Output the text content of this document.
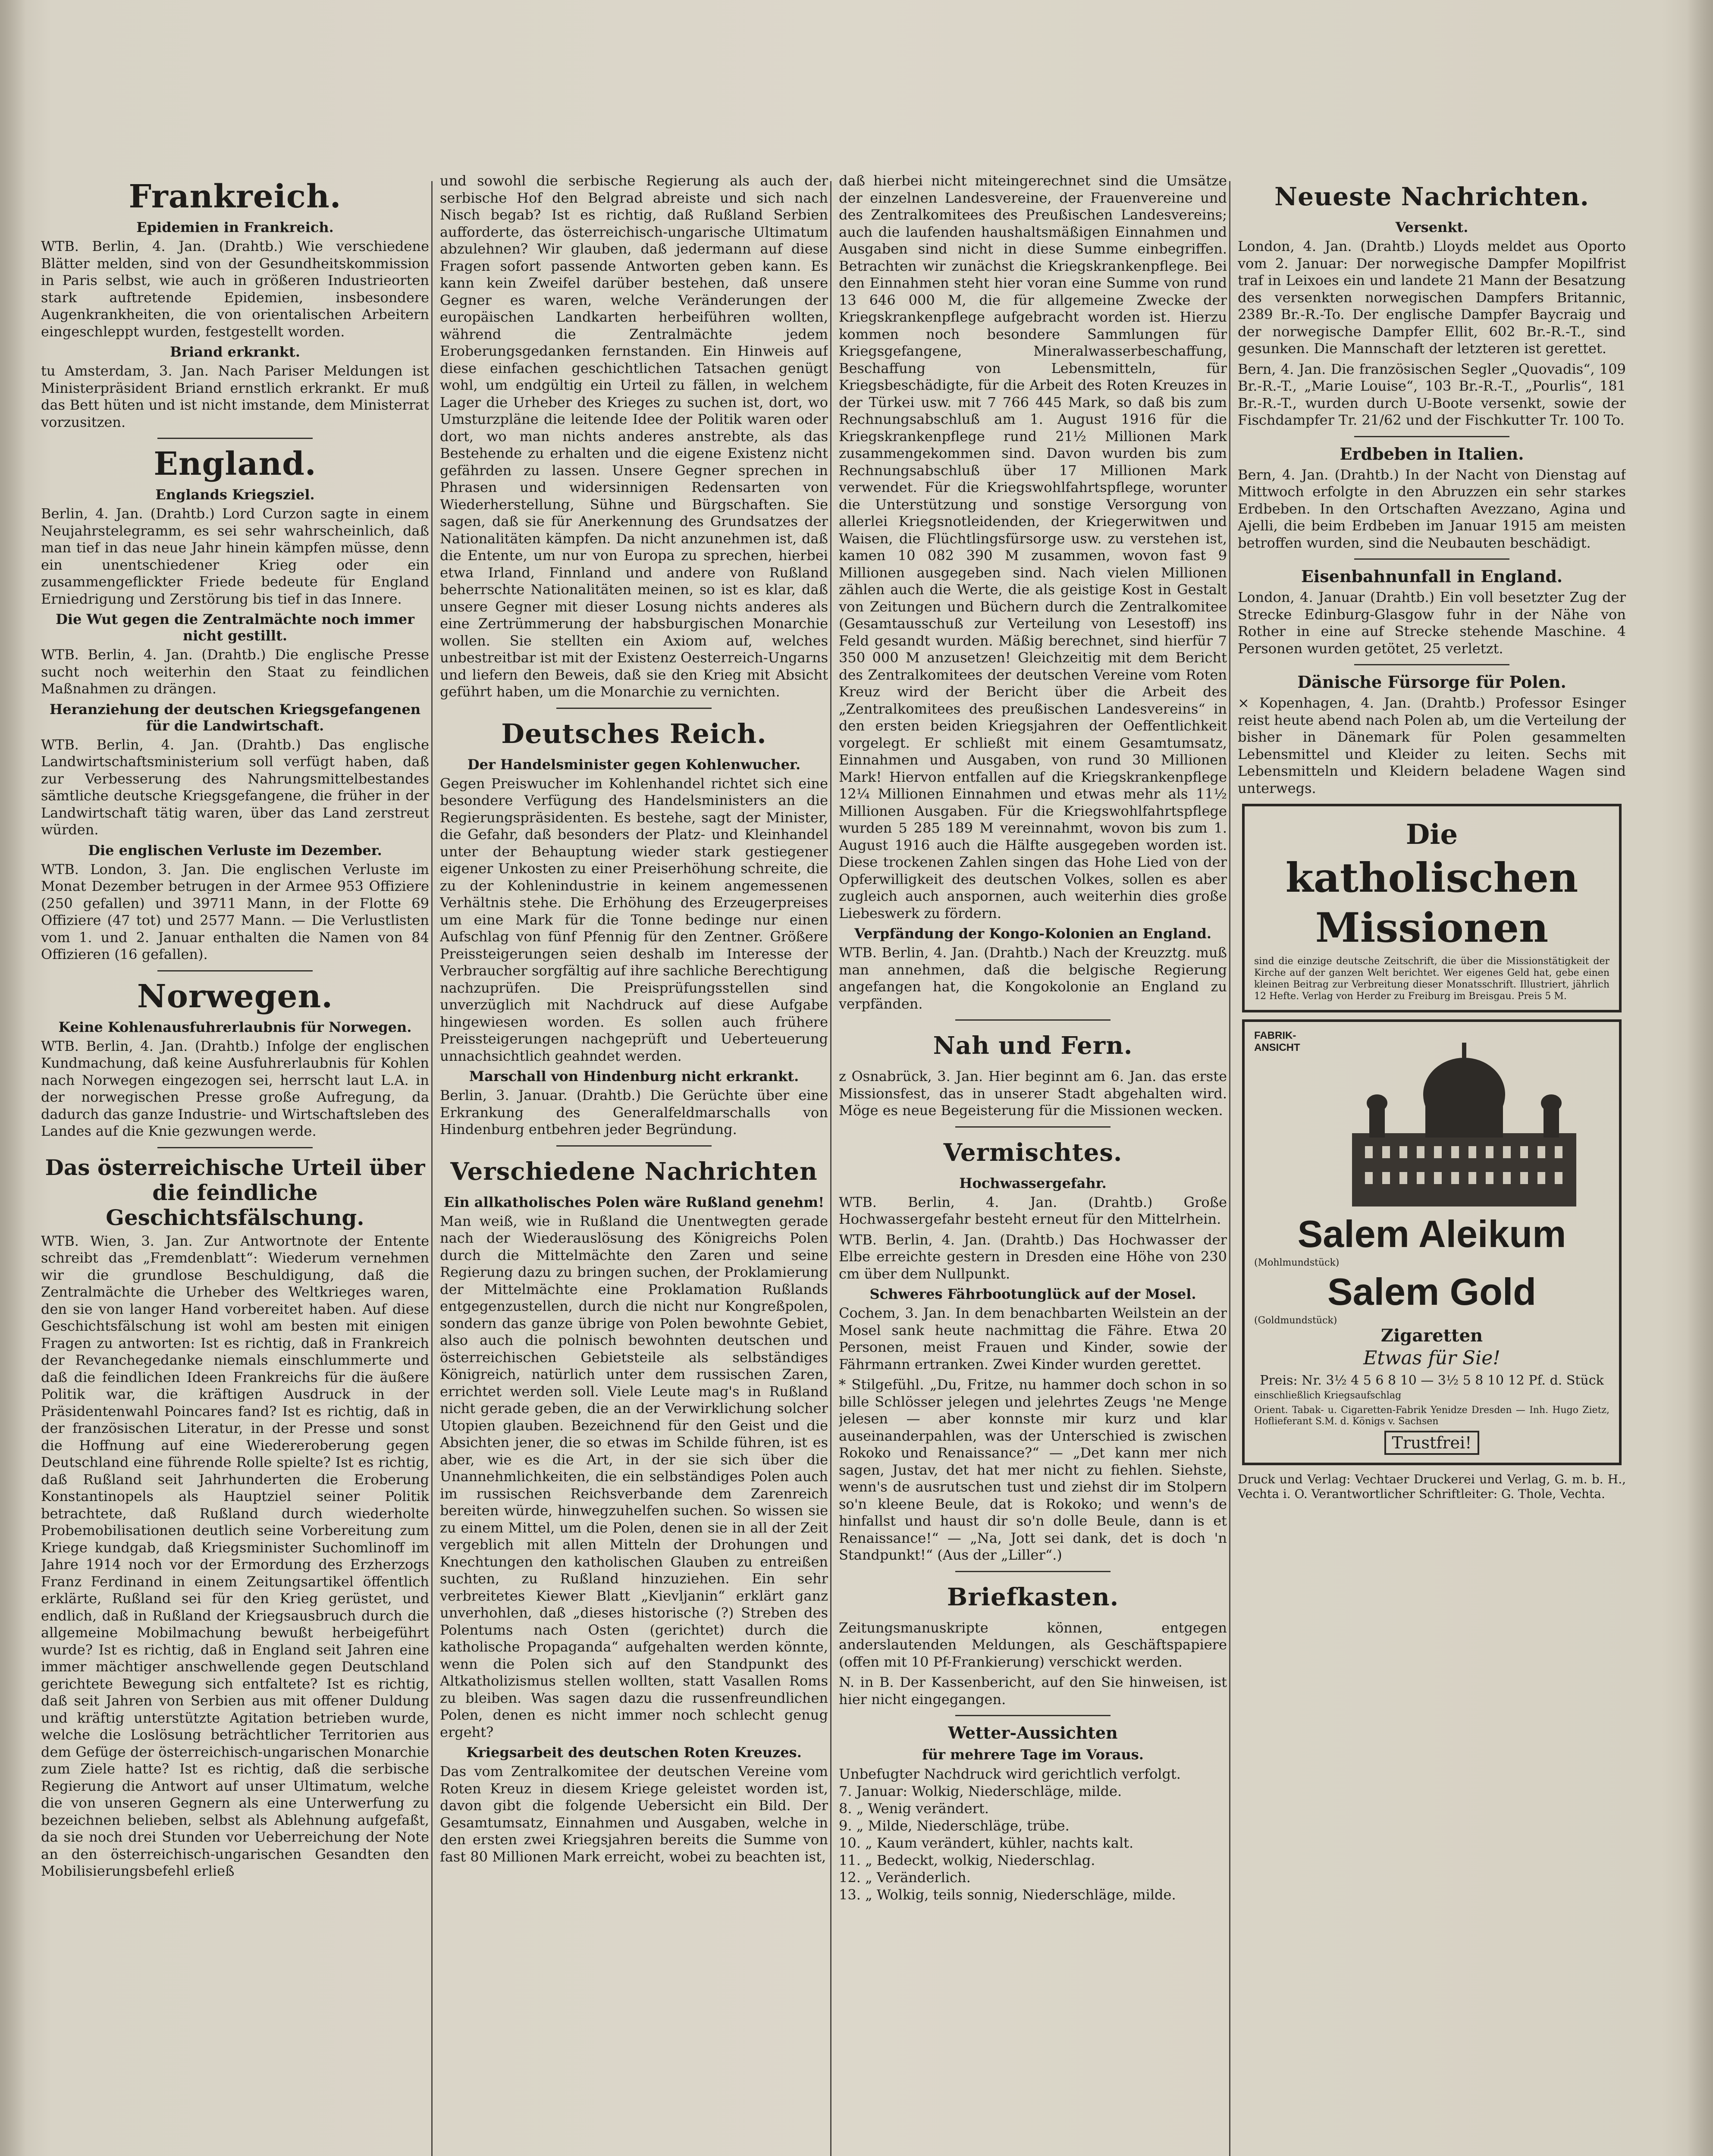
Frankreich.
Epidemien in Frankreich.

WTB. Berlin, 4. Jan. (Drahtb.) Wie verschiedene Blätter melden, sind von der Gesundheitskommission in Paris selbst, wie auch in größeren Industrieorten stark auftretende Epidemien, insbesondere Augenkrankheiten, die von orientalischen Arbeitern eingeschleppt wurden, festgestellt worden.

Briand erkrankt.

tu Amsterdam, 3. Jan. Nach Pariser Meldungen ist Ministerpräsident Briand ernstlich erkrankt. Er muß das Bett hüten und ist nicht imstande, dem Ministerrat vorzusitzen.

England.
Englands Kriegsziel.

Berlin, 4. Jan. (Drahtb.) Lord Curzon sagte in einem Neujahrstelegramm, es sei sehr wahrscheinlich, daß man tief in das neue Jahr hinein kämpfen müsse, denn ein unentschiedener Krieg oder ein zusammengeflickter Friede bedeute für England Erniedrigung und Zerstörung bis tief in das Innere.

Die Wut gegen die Zentralmächte noch immer nicht gestillt.

WTB. Berlin, 4. Jan. (Drahtb.) Die englische Presse sucht noch weiterhin den Staat zu feindlichen Maßnahmen zu drängen.

Heranziehung der deutschen Kriegsgefangenen für die Landwirtschaft.

WTB. Berlin, 4. Jan. (Drahtb.) Das englische Landwirtschaftsministerium soll verfügt haben, daß zur Verbesserung des Nahrungsmittelbestandes sämtliche deutsche Kriegsgefangene, die früher in der Landwirtschaft tätig waren, über das Land zerstreut würden.

Die englischen Verluste im Dezember.

WTB. London, 3. Jan. Die englischen Verluste im Monat Dezember betrugen in der Armee 953 Offiziere (250 gefallen) und 39711 Mann, in der Flotte 69 Offiziere (47 tot) und 2577 Mann. — Die Verlustlisten vom 1. und 2. Januar enthalten die Namen von 84 Offizieren (16 gefallen).

Norwegen.
Keine Kohlenausfuhrerlaubnis für Norwegen.

WTB. Berlin, 4. Jan. (Drahtb.) Infolge der englischen Kundmachung, daß keine Ausfuhrerlaubnis für Kohlen nach Norwegen eingezogen sei, herrscht laut L.A. in der norwegischen Presse große Aufregung, da dadurch das ganze Industrie- und Wirtschaftsleben des Landes auf die Knie gezwungen werde.

Das österreichische Urteil über die feindliche Geschichtsfälschung.

WTB. Wien, 3. Jan. Zur Antwortnote der Entente schreibt das „Fremdenblatt“: Wiederum vernehmen wir die grundlose Beschuldigung, daß die Zentralmächte die Urheber des Weltkrieges waren, den sie von langer Hand vorbereitet haben. Auf diese Geschichtsfälschung ist wohl am besten mit einigen Fragen zu antworten: Ist es richtig, daß in Frankreich der Revanchegedanke niemals einschlummerte und daß die feindlichen Ideen Frankreichs für die äußere Politik war, die kräftigen Ausdruck in der Präsidentenwahl Poincares fand? Ist es richtig, daß in der französischen Literatur, in der Presse und sonst die Hoffnung auf eine Wiedereroberung gegen Deutschland eine führende Rolle spielte? Ist es richtig, daß Rußland seit Jahrhunderten die Eroberung Konstantinopels als Hauptziel seiner Politik betrachtete, daß Rußland durch wiederholte Probemobilisationen deutlich seine Vorbereitung zum Kriege kundgab, daß Kriegsminister Suchomlinoff im Jahre 1914 noch vor der Ermordung des Erzherzogs Franz Ferdinand in einem Zeitungsartikel öffentlich erklärte, Rußland sei für den Krieg gerüstet, und endlich, daß in Rußland der Kriegsausbruch durch die allgemeine Mobilmachung bewußt herbeigeführt wurde? Ist es richtig, daß in England seit Jahren eine immer mächtiger anschwellende gegen Deutschland gerichtete Bewegung sich entfaltete? Ist es richtig, daß seit Jahren von Serbien aus mit offener Duldung und kräftig unterstützte Agitation betrieben wurde, welche die Loslösung beträchtlicher Territorien aus dem Gefüge der österreichisch-ungarischen Monarchie zum Ziele hatte? Ist es richtig, daß die serbische Regierung die Antwort auf unser Ultimatum, welche die von unseren Gegnern als eine Unterwerfung zu bezeichnen belieben, selbst als Ablehnung aufgefaßt, da sie noch drei Stunden vor Ueberreichung der Note an den österreichisch-ungarischen Gesandten den Mobilisierungsbefehl erließ

und sowohl die serbische Regierung als auch der serbische Hof den Belgrad abreiste und sich nach Nisch begab? Ist es richtig, daß Rußland Serbien aufforderte, das österreichisch-ungarische Ultimatum abzulehnen? Wir glauben, daß jedermann auf diese Fragen sofort passende Antworten geben kann. Es kann kein Zweifel darüber bestehen, daß unsere Gegner es waren, welche Veränderungen der europäischen Landkarten herbeiführen wollten, während die Zentralmächte jedem Eroberungsgedanken fernstanden. Ein Hinweis auf diese einfachen geschichtlichen Tatsachen genügt wohl, um endgültig ein Urteil zu fällen, in welchem Lager die Urheber des Krieges zu suchen ist, dort, wo Umsturzpläne die leitende Idee der Politik waren oder dort, wo man nichts anderes anstrebte, als das Bestehende zu erhalten und die eigene Existenz nicht gefährden zu lassen. Unsere Gegner sprechen in Phrasen und widersinnigen Redensarten von Wiederherstellung, Sühne und Bürgschaften. Sie sagen, daß sie für Anerkennung des Grundsatzes der Nationalitäten kämpfen. Da nicht anzunehmen ist, daß die Entente, um nur von Europa zu sprechen, hierbei etwa Irland, Finnland und andere von Rußland beherrschte Nationalitäten meinen, so ist es klar, daß unsere Gegner mit dieser Losung nichts anderes als eine Zertrümmerung der habsburgischen Monarchie wollen. Sie stellten ein Axiom auf, welches unbestreitbar ist mit der Existenz Oesterreich-Ungarns und liefern den Beweis, daß sie den Krieg mit Absicht geführt haben, um die Monarchie zu vernichten.

Deutsches Reich.
Der Handelsminister gegen Kohlenwucher.

Gegen Preiswucher im Kohlenhandel richtet sich eine besondere Verfügung des Handelsministers an die Regierungspräsidenten. Es bestehe, sagt der Minister, die Gefahr, daß besonders der Platz- und Kleinhandel unter der Behauptung wieder stark gestiegener eigener Unkosten zu einer Preiserhöhung schreite, die zu der Kohlenindustrie in keinem angemessenen Verhältnis stehe. Die Erhöhung des Erzeugerpreises um eine Mark für die Tonne bedinge nur einen Aufschlag von fünf Pfennig für den Zentner. Größere Preissteigerungen seien deshalb im Interesse der Verbraucher sorgfältig auf ihre sachliche Berechtigung nachzuprüfen. Die Preisprüfungsstellen sind unverzüglich mit Nachdruck auf diese Aufgabe hingewiesen worden. Es sollen auch frühere Preissteigerungen nachgeprüft und Ueberteuerung unnachsichtlich geahndet werden.

Marschall von Hindenburg nicht erkrankt.

Berlin, 3. Januar. (Drahtb.) Die Gerüchte über eine Erkrankung des Generalfeldmarschalls von Hindenburg entbehren jeder Begründung.

Verschiedene Nachrichten
Ein allkatholisches Polen wäre Rußland genehm!

Man weiß, wie in Rußland die Unentwegten gerade nach der Wiederauslösung des Königreichs Polen durch die Mittelmächte den Zaren und seine Regierung dazu zu bringen suchen, der Proklamierung der Mittelmächte eine Proklamation Rußlands entgegenzustellen, durch die nicht nur Kongreßpolen, sondern das ganze übrige von Polen bewohnte Gebiet, also auch die polnisch bewohnten deutschen und österreichischen Gebietsteile als selbständiges Königreich, natürlich unter dem russischen Zaren, errichtet werden soll. Viele Leute mag's in Rußland nicht gerade geben, die an der Verwirklichung solcher Utopien glauben. Bezeichnend für den Geist und die Absichten jener, die so etwas im Schilde führen, ist es aber, wie es die Art, in der sie sich über die Unannehmlichkeiten, die ein selbständiges Polen auch im russischen Reichsverbande dem Zarenreich bereiten würde, hinwegzuhelfen suchen. So wissen sie zu einem Mittel, um die Polen, denen sie in all der Zeit vergeblich mit allen Mitteln der Drohungen und Knechtungen den katholischen Glauben zu entreißen suchten, zu Rußland hinzuziehen. Ein sehr verbreitetes Kiewer Blatt „Kievljanin“ erklärt ganz unverhohlen, daß „dieses historische (?) Streben des Polentums nach Osten (gerichtet) durch die katholische Propaganda“ aufgehalten werden könnte, wenn die Polen sich auf den Standpunkt des Altkatholizismus stellen wollten, statt Vasallen Roms zu bleiben. Was sagen dazu die russenfreundlichen Polen, denen es nicht immer noch schlecht genug ergeht?

Kriegsarbeit des deutschen Roten Kreuzes.

Das vom Zentralkomitee der deutschen Vereine vom Roten Kreuz in diesem Kriege geleistet worden ist, davon gibt die folgende Uebersicht ein Bild. Der Gesamtumsatz, Einnahmen und Ausgaben, welche in den ersten zwei Kriegsjahren bereits die Summe von fast 80 Millionen Mark erreicht, wobei zu beachten ist,

daß hierbei nicht miteingerechnet sind die Umsätze der einzelnen Landesvereine, der Frauenvereine und des Zentralkomitees des Preußischen Landesvereins; auch die laufenden haushaltsmäßigen Einnahmen und Ausgaben sind nicht in diese Summe einbegriffen. Betrachten wir zunächst die Kriegskrankenpflege. Bei den Einnahmen steht hier voran eine Summe von rund 13 646 000 M, die für allgemeine Zwecke der Kriegskrankenpflege aufgebracht worden ist. Hierzu kommen noch besondere Sammlungen für Kriegsgefangene, Mineralwasserbeschaffung, Beschaffung von Lebensmitteln, für Kriegsbeschädigte, für die Arbeit des Roten Kreuzes in der Türkei usw. mit 7 766 445 Mark, so daß bis zum Rechnungsabschluß am 1. August 1916 für die Kriegskrankenpflege rund 21½ Millionen Mark zusammengekommen sind. Davon wurden bis zum Rechnungsabschluß über 17 Millionen Mark verwendet. Für die Kriegswohlfahrtspflege, worunter die Unterstützung und sonstige Versorgung von allerlei Kriegsnotleidenden, der Kriegerwitwen und Waisen, die Flüchtlingsfürsorge usw. zu verstehen ist, kamen 10 082 390 M zusammen, wovon fast 9 Millionen ausgegeben sind. Nach vielen Millionen zählen auch die Werte, die als geistige Kost in Gestalt von Zeitungen und Büchern durch die Zentralkomitee (Gesamtausschuß zur Verteilung von Lesestoff) ins Feld gesandt wurden. Mäßig berechnet, sind hierfür 7 350 000 M anzusetzen! Gleichzeitig mit dem Bericht des Zentralkomitees der deutschen Vereine vom Roten Kreuz wird der Bericht über die Arbeit des „Zentralkomitees des preußischen Landesvereins“ in den ersten beiden Kriegsjahren der Oeffentlichkeit vorgelegt. Er schließt mit einem Gesamtumsatz, Einnahmen und Ausgaben, von rund 30 Millionen Mark! Hiervon entfallen auf die Kriegskrankenpflege 12¼ Millionen Einnahmen und etwas mehr als 11½ Millionen Ausgaben. Für die Kriegswohlfahrtspflege wurden 5 285 189 M vereinnahmt, wovon bis zum 1. August 1916 auch die Hälfte ausgegeben worden ist. Diese trockenen Zahlen singen das Hohe Lied von der Opferwilligkeit des deutschen Volkes, sollen es aber zugleich auch anspornen, auch weiterhin dies große Liebeswerk zu fördern.

Verpfändung der Kongo-Kolonien an England.

WTB. Berlin, 4. Jan. (Drahtb.) Nach der Kreuzztg. muß man annehmen, daß die belgische Regierung angefangen hat, die Kongokolonie an England zu verpfänden.

Nah und Fern.

z Osnabrück, 3. Jan. Hier beginnt am 6. Jan. das erste Missionsfest, das in unserer Stadt abgehalten wird. Möge es neue Begeisterung für die Missionen wecken.

Vermischtes.
Hochwassergefahr.

WTB. Berlin, 4. Jan. (Drahtb.) Große Hochwassergefahr besteht erneut für den Mittelrhein.

WTB. Berlin, 4. Jan. (Drahtb.) Das Hochwasser der Elbe erreichte gestern in Dresden eine Höhe von 230 cm über dem Nullpunkt.

Schweres Fährbootunglück auf der Mosel.

Cochem, 3. Jan. In dem benachbarten Weilstein an der Mosel sank heute nachmittag die Fähre. Etwa 20 Personen, meist Frauen und Kinder, sowie der Fährmann ertranken. Zwei Kinder wurden gerettet.

* Stilgefühl. „Du, Fritze, nu hammer doch schon in so bille Schlösser jelegen und jelehrtes Zeugs 'ne Menge jelesen — aber konnste mir kurz und klar auseinanderpahlen, was der Unterschied is zwischen Rokoko und Renaissance?“ — „Det kann mer nich sagen, Justav, det hat mer nicht zu fiehlen. Siehste, wenn's de ausrutschen tust und ziehst dir im Stolpern so'n kleene Beule, dat is Rokoko; und wenn's de hinfallst und haust dir so'n dolle Beule, dann is et Renaissance!“ — „Na, Jott sei dank, det is doch 'n Standpunkt!“ (Aus der „Liller“.)

Briefkasten.

Zeitungsmanuskripte können, entgegen anderslautenden Meldungen, als Geschäftspapiere (offen mit 10 Pf-Frankierung) verschickt werden.

N. in B. Der Kassenbericht, auf den Sie hinweisen, ist hier nicht eingegangen.

Wetter-Aussichten
für mehrere Tage im Voraus.

Unbefugter Nachdruck wird gerichtlich verfolgt.

7. Januar: Wolkig, Niederschläge, milde.

8. „ Wenig verändert.

9. „ Milde, Niederschläge, trübe.

10. „ Kaum verändert, kühler, nachts kalt.

11. „ Bedeckt, wolkig, Niederschlag.

12. „ Veränderlich.

13. „ Wolkig, teils sonnig, Niederschläge, milde.

Neueste Nachrichten.
Versenkt.

London, 4. Jan. (Drahtb.) Lloyds meldet aus Oporto vom 2. Januar: Der norwegische Dampfer Mopilfrist traf in Leixoes ein und landete 21 Mann der Besatzung des versenkten norwegischen Dampfers Britannic, 2389 Br.-R.-To. Der englische Dampfer Baycraig und der norwegische Dampfer Ellit, 602 Br.-R.-T., sind gesunken. Die Mannschaft der letzteren ist gerettet.

Bern, 4. Jan. Die französischen Segler „Quovadis“, 109 Br.-R.-T., „Marie Louise“, 103 Br.-R.-T., „Pourlis“, 181 Br.-R.-T., wurden durch U-Boote versenkt, sowie der Fischdampfer Tr. 21/62 und der Fischkutter Tr. 100 To.

Erdbeben in Italien.

Bern, 4. Jan. (Drahtb.) In der Nacht von Dienstag auf Mittwoch erfolgte in den Abruzzen ein sehr starkes Erdbeben. In den Ortschaften Avezzano, Agina und Ajelli, die beim Erdbeben im Januar 1915 am meisten betroffen wurden, sind die Neubauten beschädigt.

Eisenbahnunfall in England.

London, 4. Januar (Drahtb.) Ein voll besetzter Zug der Strecke Edinburg-Glasgow fuhr in der Nähe von Rother in eine auf Strecke stehende Maschine. 4 Personen wurden getötet, 25 verletzt.

Dänische Fürsorge für Polen.

× Kopenhagen, 4. Jan. (Drahtb.) Professor Esinger reist heute abend nach Polen ab, um die Verteilung der bisher in Dänemark für Polen gesammelten Lebensmittel und Kleider zu leiten. Sechs mit Lebensmitteln und Kleidern beladene Wagen sind unterwegs.

Die
katholischen
Missionen

sind die einzige deutsche Zeitschrift, die über die Missionstätigkeit der Kirche auf der ganzen Welt berichtet. Wer eigenes Geld hat, gebe einen kleinen Beitrag zur Verbreitung dieser Monatsschrift. Illustriert, jährlich 12 Hefte. Verlag von Herder zu Freiburg im Breisgau. Preis 5 M.

FABRIK-ANSICHT
Salem Aleikum

(Mohlmundstück)

Salem Gold

(Goldmundstück)

Zigaretten
Etwas für Sie!
Preis: Nr. 3½ 4 5 6 8 10 — 3½ 5 8 10 12 Pf. d. Stück

einschließlich Kriegsaufschlag

Orient. Tabak- u. Cigaretten-Fabrik Yenidze Dresden — Inh. Hugo Zietz, Hoflieferant S.M. d. Königs v. Sachsen

Trustfrei!

Druck und Verlag: Vechtaer Druckerei und Verlag, G. m. b. H., Vechta i. O. Verantwortlicher Schriftleiter: G. Thole, Vechta.
